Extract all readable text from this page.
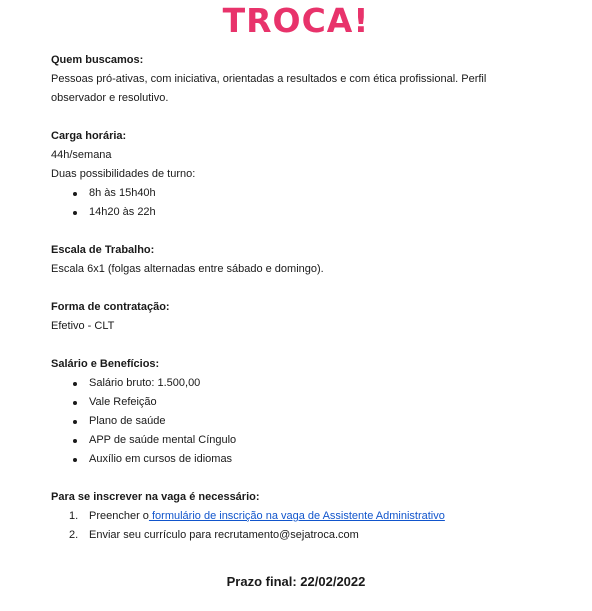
TROCA!
Quem buscamos:
Pessoas pró-ativas, com iniciativa, orientadas a resultados e com ética profissional. Perfil observador e resolutivo.
Carga horária:
44h/semana
Duas possibilidades de turno:
8h às 15h40h
14h20 às 22h
Escala de Trabalho:
Escala 6x1 (folgas alternadas entre sábado e domingo).
Forma de contratação:
Efetivo - CLT
Salário e Benefícios:
Salário bruto: 1.500,00
Vale Refeição
Plano de saúde
APP de saúde mental Cíngulo
Auxílio em cursos de idiomas
Para se inscrever na vaga é necessário:
1. Preencher o formulário de inscrição na vaga de Assistente Administrativo
2. Enviar seu currículo para recrutamento@sejatroca.com
Prazo final: 22/02/2022
